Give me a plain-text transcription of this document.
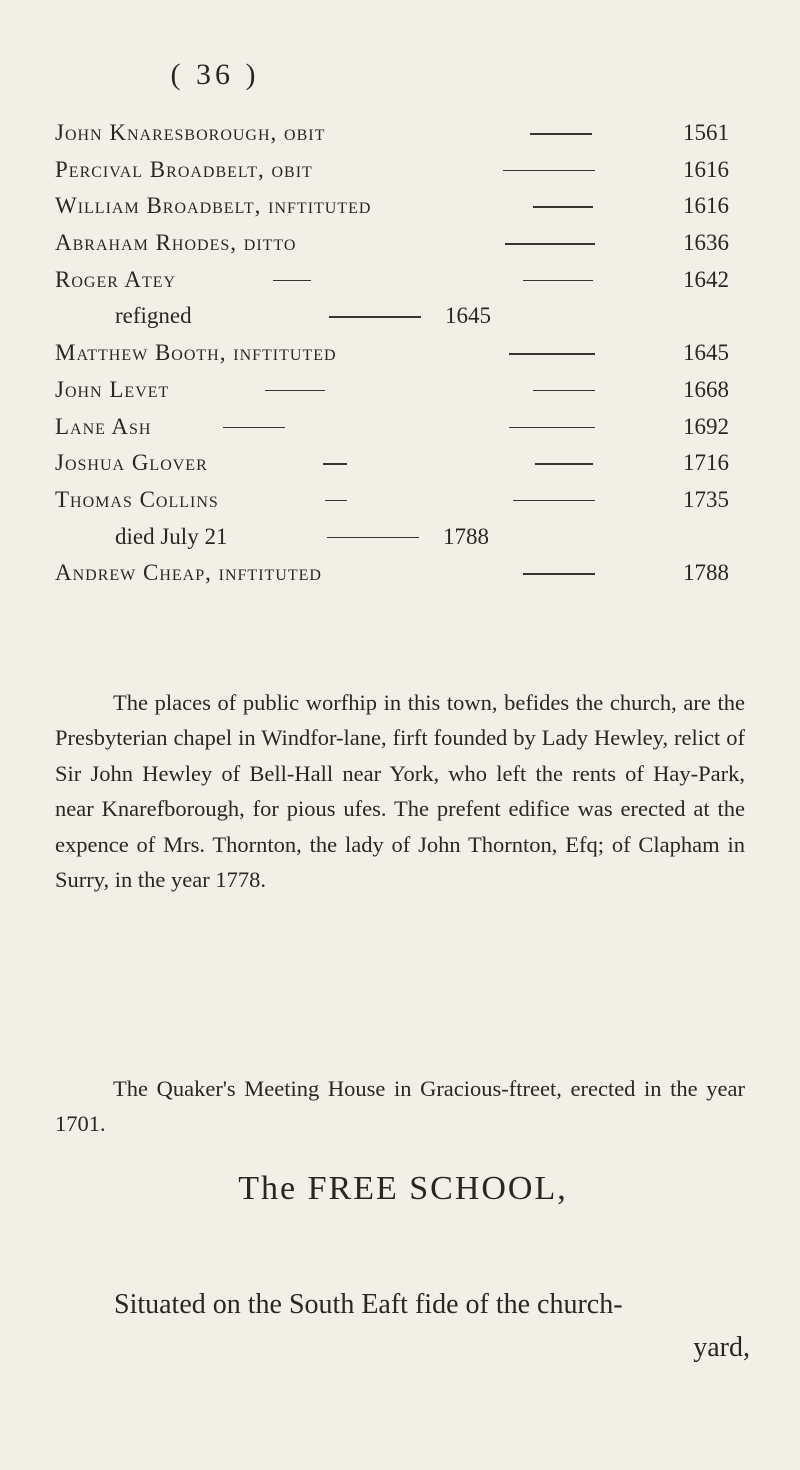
( 36 )
John Knaresborough, obit	1561
Percival Broadbelt, obit	1616
William Broadbelt, inftituted	1616
Abraham Rhodes, ditto	1636
Roger Atey	1642
refigned	1645
Matthew Booth, inftituted	1645
John Levet	1668
Lane Ash	1692
Joshua Glover	1716
Thomas Collins	1735
died July 21	1788
Andrew Cheap, inftituted	1788

The places of public worfhip in this town, befides the church, are the Presbyterian chapel in Windfor-lane, firft founded by Lady Hewley, relict of Sir John Hewley of Bell-Hall near York, who left the rents of Hay-Park, near Knarefborough, for pious ufes. The prefent edifice was erected at the expence of Mrs. Thornton, the lady of John Thornton, Efq; of Clapham in Surry, in the year 1778.

The Quaker's Meeting House in Gracious-ftreet, erected in the year 1701.

The FREE SCHOOL,

Situated on the South Eaft fide of the church-
yard,
